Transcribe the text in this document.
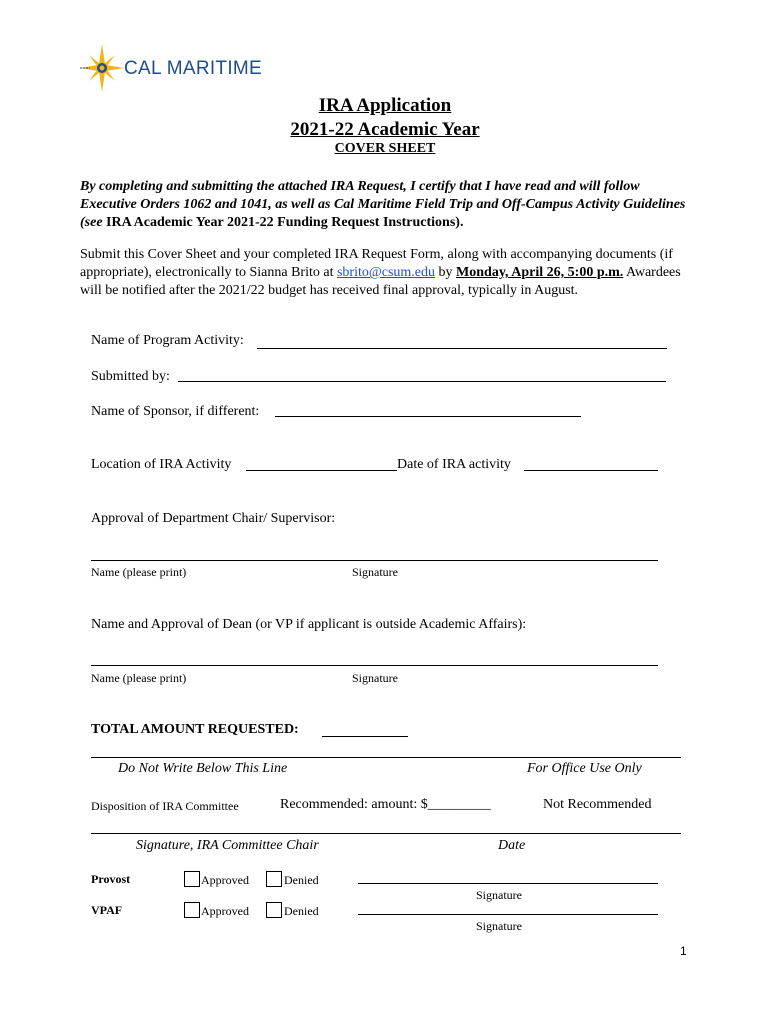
CAL MARITIME
IRA Application
2021-22 Academic Year
COVER SHEET
By completing and submitting the attached IRA Request, I certify that I have read and will follow Executive Orders 1062 and 1041, as well as Cal Maritime Field Trip and Off-Campus Activity Guidelines (see IRA Academic Year 2021-22 Funding Request Instructions).
Submit this Cover Sheet and your completed IRA Request Form, along with accompanying documents (if appropriate), electronically to Sianna Brito at sbrito@csum.edu by Monday, April 26, 5:00 p.m. Awardees will be notified after the 2021/22 budget has received final approval, typically in August.
Name of Program Activity:
Submitted by:
Name of Sponsor, if different:
Location of IRA Activity	Date of IRA activity
Approval of Department Chair/ Supervisor:
Name (please print)	Signature
Name and Approval of Dean (or VP if applicant is outside Academic Affairs):
Name (please print)	Signature
TOTAL AMOUNT REQUESTED:
Do Not Write Below This Line	For Office Use Only
Disposition of IRA Committee	Recommended: amount: $_________	Not Recommended
Signature, IRA Committee Chair	Date
Provost	Approved	Denied
Signature
VPAF	Approved	Denied
Signature
1
